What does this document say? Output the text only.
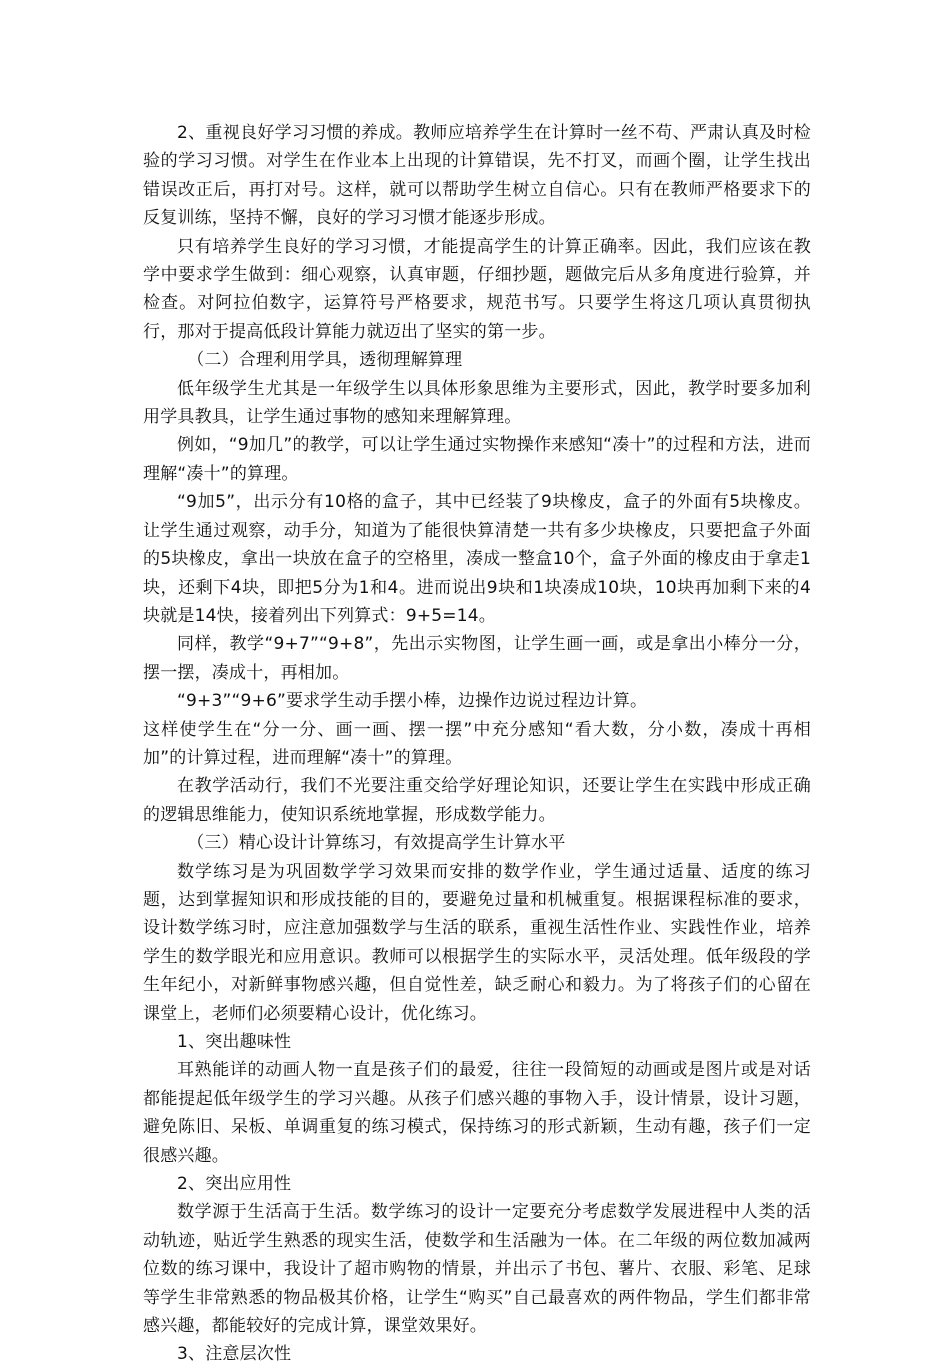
2、重视良好学习习惯的养成。教师应培养学生在计算时一丝不苟、严肃认真及时检验的学习习惯。对学生在作业本上出现的计算错误，先不打叉，而画个圈，让学生找出错误改正后，再打对号。这样，就可以帮助学生树立自信心。只有在教师严格要求下的反复训练，坚持不懈，良好的学习习惯才能逐步形成。

只有培养学生良好的学习习惯，才能提高学生的计算正确率。因此，我们应该在教学中要求学生做到：细心观察，认真审题，仔细抄题，题做完后从多角度进行验算，并检查。对阿拉伯数字，运算符号严格要求，规范书写。只要学生将这几项认真贯彻执行，那对于提高低段计算能力就迈出了坚实的第一步。

（二）合理利用学具，透彻理解算理

低年级学生尤其是一年级学生以具体形象思维为主要形式，因此，教学时要多加利用学具教具，让学生通过事物的感知来理解算理。

例如，“9加几”的教学，可以让学生通过实物操作来感知“凑十”的过程和方法，进而理解“凑十”的算理。

“9加5”，出示分有10格的盒子，其中已经装了9块橡皮，盒子的外面有5块橡皮。让学生通过观察，动手分，知道为了能很快算清楚一共有多少块橡皮，只要把盒子外面的5块橡皮，拿出一块放在盒子的空格里，凑成一整盒10个，盒子外面的橡皮由于拿走1块，还剩下4块，即把5分为1和4。进而说出9块和1块凑成10块，10块再加剩下来的4块就是14快，接着列出下列算式：9+5=14。

同样，教学“9+7”“9+8”，先出示实物图，让学生画一画，或是拿出小棒分一分，摆一摆，凑成十，再相加。

“9+3”“9+6”要求学生动手摆小棒，边操作边说过程边计算。

这样使学生在“分一分、画一画、摆一摆”中充分感知“看大数，分小数，凑成十再相加”的计算过程，进而理解“凑十”的算理。

在教学活动行，我们不光要注重交给学好理论知识，还要让学生在实践中形成正确的逻辑思维能力，使知识系统地掌握，形成数学能力。

（三）精心设计计算练习，有效提高学生计算水平

数学练习是为巩固数学学习效果而安排的数学作业，学生通过适量、适度的练习题，达到掌握知识和形成技能的目的，要避免过量和机械重复。根据课程标准的要求，设计数学练习时，应注意加强数学与生活的联系，重视生活性作业、实践性作业，培养学生的数学眼光和应用意识。教师可以根据学生的实际水平，灵活处理。低年级段的学生年纪小，对新鲜事物感兴趣，但自觉性差，缺乏耐心和毅力。为了将孩子们的心留在课堂上，老师们必须要精心设计，优化练习。

1、突出趣味性

耳熟能详的动画人物一直是孩子们的最爱，往往一段简短的动画或是图片或是对话都能提起低年级学生的学习兴趣。从孩子们感兴趣的事物入手，设计情景，设计习题，避免陈旧、呆板、单调重复的练习模式，保持练习的形式新颖，生动有趣，孩子们一定很感兴趣。

2、突出应用性

数学源于生活高于生活。数学练习的设计一定要充分考虑数学发展进程中人类的活动轨迹，贴近学生熟悉的现实生活，使数学和生活融为一体。在二年级的两位数加减两位数的练习课中，我设计了超市购物的情景，并出示了书包、薯片、衣服、彩笔、足球等学生非常熟悉的物品极其价格，让学生“购买”自己最喜欢的两件物品，学生们都非常感兴趣，都能较好的完成计算，课堂效果好。

3、注意层次性
